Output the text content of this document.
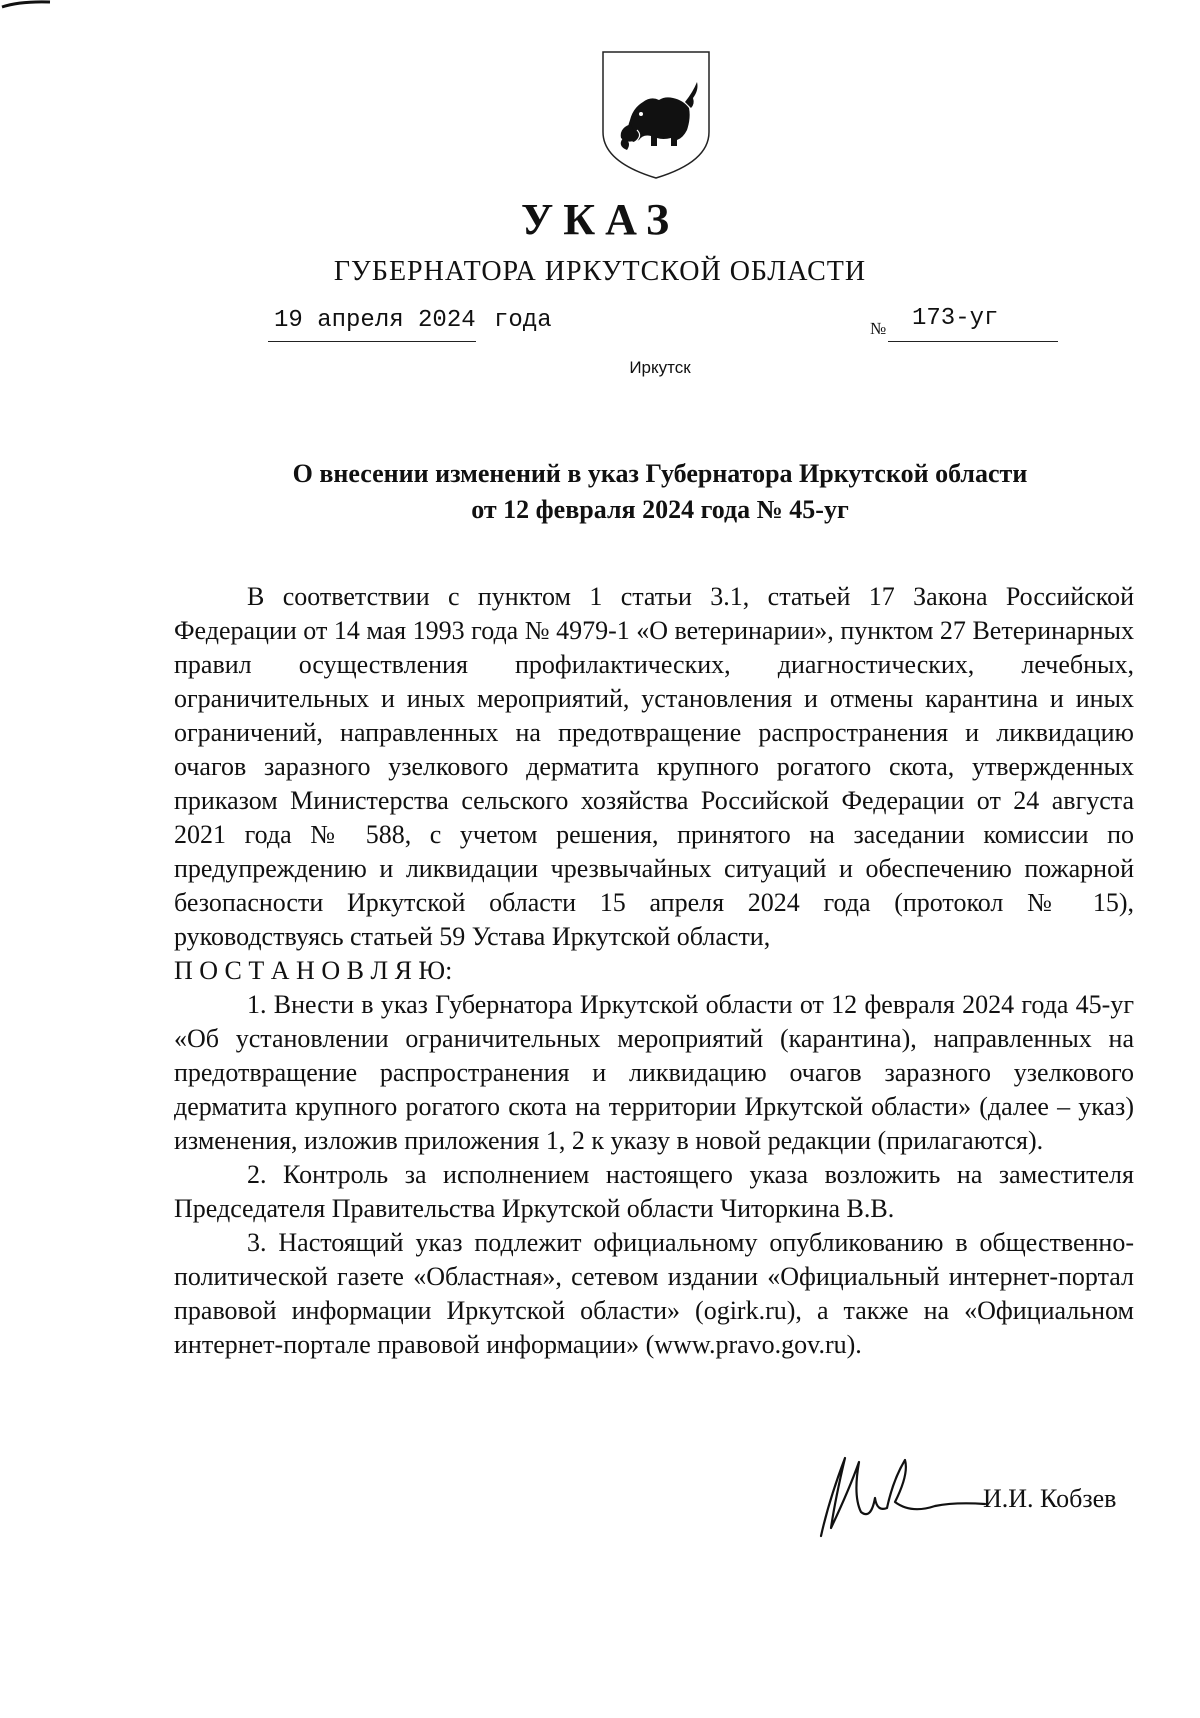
УКАЗ
ГУБЕРНАТОРА ИРКУТСКОЙ ОБЛАСТИ
19 апреля 2024 года	№ 173-уг
Иркутск
О внесении изменений в указ Губернатора Иркутской области
от 12 февраля 2024 года № 45-уг

В соответствии с пунктом 1 статьи 3.1, статьей 17 Закона Российской Федерации от 14 мая 1993 года № 4979-1 «О ветеринарии», пунктом 27 Ветеринарных правил осуществления профилактических, диагностических, лечебных, ограничительных и иных мероприятий, установления и отмены карантина и иных ограничений, направленных на предотвращение распространения и ликвидацию очагов заразного узелкового дерматита крупного рогатого скота, утвержденных приказом Министерства сельского хозяйства Российской Федерации от 24 августа 2021 года № 588, с учетом решения, принятого на заседании комиссии по предупреждению и ликвидации чрезвычайных ситуаций и обеспечению пожарной безопасности Иркутской области 15 апреля 2024 года (протокол № 15), руководствуясь статьей 59 Устава Иркутской области,

П О С Т А Н О В Л Я Ю:

1. Внести в указ Губернатора Иркутской области от 12 февраля 2024 года 45-уг «Об установлении ограничительных мероприятий (карантина), направленных на предотвращение распространения и ликвидацию очагов заразного узелкового дерматита крупного рогатого скота на территории Иркутской области» (далее – указ) изменения, изложив приложения 1, 2 к указу в новой редакции (прилагаются).

2. Контроль за исполнением настоящего указа возложить на заместителя Председателя Правительства Иркутской области Читоркина В.В.

3. Настоящий указ подлежит официальному опубликованию в общественно-политической газете «Областная», сетевом издании «Официальный интернет-портал правовой информации Иркутской области» (ogirk.ru), а также на «Официальном интернет-портале правовой информации» (www.pravo.gov.ru).

И.И. Кобзев
